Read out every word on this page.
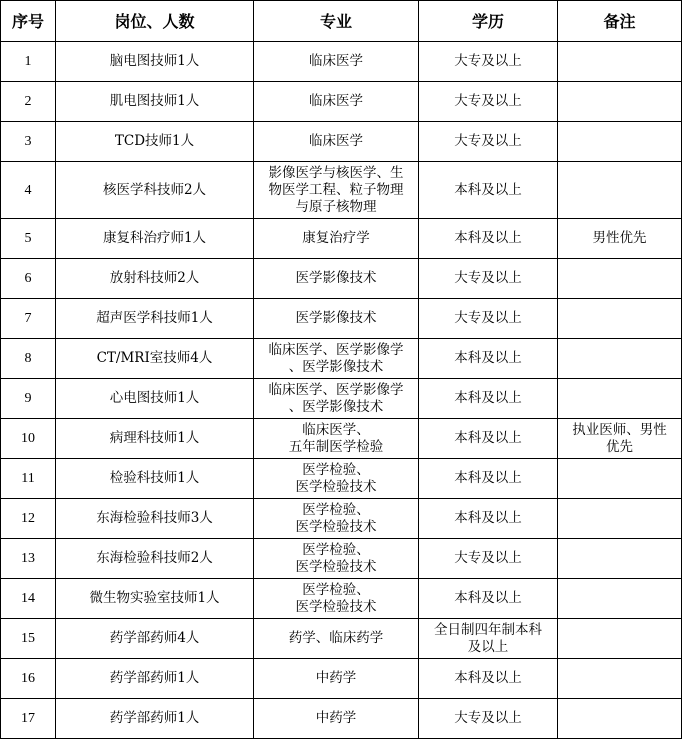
序号	岗位、人数	专业	学历	备注
1	脑电图技师1人	临床医学	大专及以上	
2	肌电图技师1人	临床医学	大专及以上	
3	TCD技师1人	临床医学	大专及以上	
4	核医学科技师2人	影像医学与核医学、生
物医学工程、粒子物理
与原子核物理	本科及以上	
5	康复科治疗师1人	康复治疗学	本科及以上	男性优先
6	放射科技师2人	医学影像技术	大专及以上	
7	超声医学科技师1人	医学影像技术	大专及以上	
8	CT/MRI室技师4人	临床医学、医学影像学
、医学影像技术	本科及以上	
9	心电图技师1人	临床医学、医学影像学
、医学影像技术	本科及以上	
10	病理科技师1人	临床医学、
五年制医学检验	本科及以上	执业医师、男性
优先
11	检验科技师1人	医学检验、
医学检验技术	本科及以上	
12	东海检验科技师3人	医学检验、
医学检验技术	本科及以上	
13	东海检验科技师2人	医学检验、
医学检验技术	大专及以上	
14	微生物实验室技师1人	医学检验、
医学检验技术	本科及以上	
15	药学部药师4人	药学、临床药学	全日制四年制本科
及以上	
16	药学部药师1人	中药学	本科及以上	
17	药学部药师1人	中药学	大专及以上	
